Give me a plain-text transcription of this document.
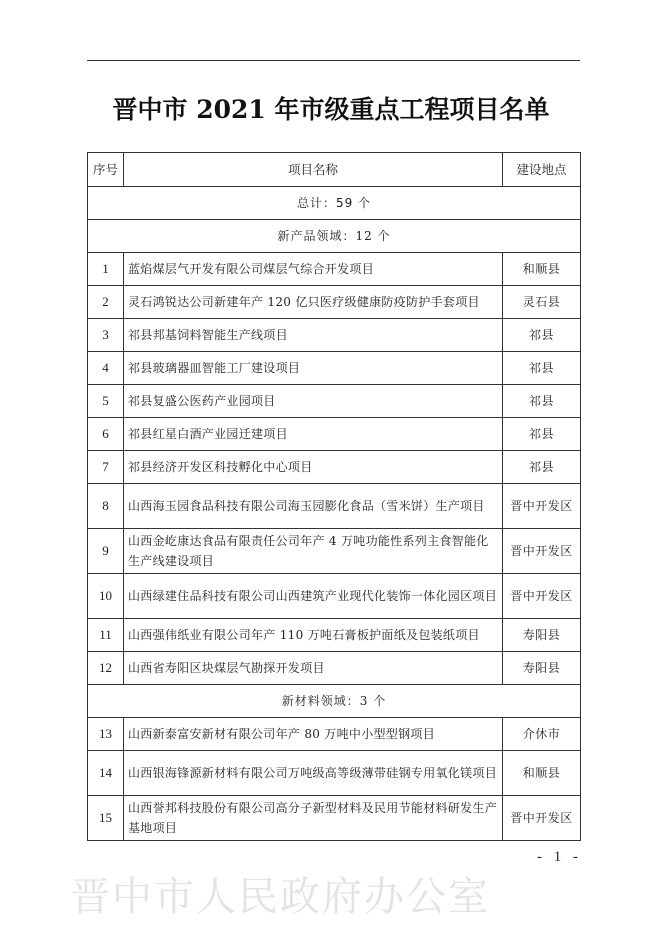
晋中市 2021 年市级重点工程项目名单
序号	项目名称	建设地点
总计：59 个		
新产品领域：12 个		
1	蓝焰煤层气开发有限公司煤层气综合开发项目	和顺县
2	灵石鸿锐达公司新建年产 120 亿只医疗级健康防疫防护手套项目	灵石县
3	祁县邦基饲料智能生产线项目	祁县
4	祁县玻璃器皿智能工厂建设项目	祁县
5	祁县复盛公医药产业园项目	祁县
6	祁县红星白酒产业园迁建项目	祁县
7	祁县经济开发区科技孵化中心项目	祁县
8	山西海玉园食品科技有限公司海玉园膨化食品（雪米饼）生产项目	晋中开发区
9	山西金屹康达食品有限责任公司年产 4 万吨功能性系列主食智能化生产线建设项目	晋中开发区
10	山西绿建住品科技有限公司山西建筑产业现代化装饰一体化园区项目	晋中开发区
11	山西强伟纸业有限公司年产 110 万吨石膏板护面纸及包装纸项目	寿阳县
12	山西省寿阳区块煤层气勘探开发项目	寿阳县
新材料领域：3 个		
13	山西新泰富安新材有限公司年产 80 万吨中小型型钢项目	介休市
14	山西银海锋源新材料有限公司万吨级高等级薄带硅钢专用氧化镁项目	和顺县
15	山西誉邦科技股份有限公司高分子新型材料及民用节能材料研发生产基地项目	晋中开发区
- 1 -
晋中市人民政府办公室
